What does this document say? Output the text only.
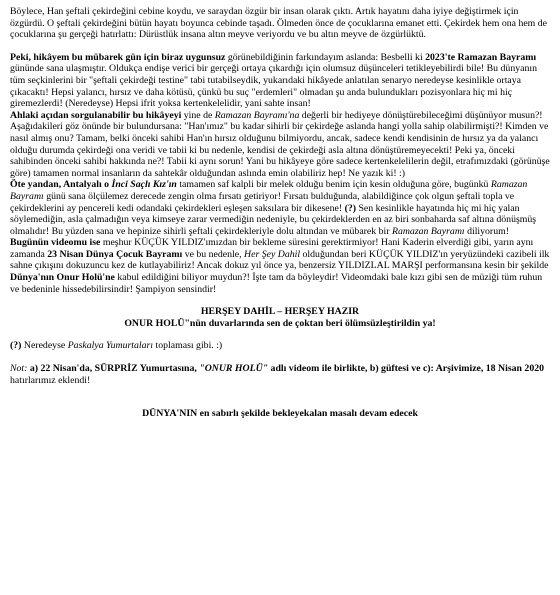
Böylece, Han şeftali çekirdeğini cebine koydu, ve saraydan özgür bir insan olarak çıktı. Artık hayatını daha iyiye değiştirmek için özgürdü. O şeftali çekirdeğini bütün hayatı boyunca cebinde taşadı. Ölmeden önce de çocuklarına emanet etti. Çekirdek hem ona hem de çocuklarına şu gerçeği hatırlattı: Dürüstlük insana altın meyve veriyordu ve bu altın meyve de özgürlüktü.

Peki, hikâyem bu mübarek gün için biraz uygunsuz görünebildiğinin farkındayım aslanda: Besbelli ki 2023'te Ramazan Bayramı gününde sana ulaşmıştır. Oldukça endişe verici bir gerçeği ortaya çıkardığı için olumsuz düşünceleri tetikleyebilirdi bile! Bu dünyanın tüm seçkinlerini bir "şeftali çekirdeği testine" tabi tutabilseydik, yukarıdaki hikâyede anlatılan senaryo neredeyse kesinlikle ortaya çıkacaktı! Hepsi yalancı, hırsız ve daha kötüsü, çünkü bu suç "erdemleri" olmadan şu anda bulundukları pozisyonlara hiç mi hiç giremezlerdi! (Neredeyse) Hepsi ifrit yoksa kertenkelelidir, yani sahte insan!

Ahlaki açıdan sorgulanabilir bu hikâyeyi yine de Ramazan Bayramı'na değerli bir hediyeye dönüştürebileceğimi düşünüyor musun?! Aşağıdakileri göz önünde bir bulundursana: "Han'ımız" bu kadar sihirli bir çekirdeğe aslanda hangi yolla sahip olabilirmişti?! Kimden ve nasıl almış onu? Tamam, belki önceki sahibi Han'ın hırsız olduğunu bilmiyordu, ancak, sadece kendi kendisinin de hırsız ya da yalancı olduğu durumda çekirdeği ona veridi ve tabii ki bu nedenle, kendisi de çekirdeği asla altına dönüştüremeyecekti! Peki ya, önceki sahibinden önceki sahibi hakkında ne?! Tabii ki aynı sorun! Yani bu hikâyeye göre sadece kertenkelelilerin değil, etrafımızdaki (görünüşe göre) tamamen normal insanların da sahtekâr olduğundan aslında emin olabiliriz hep! Ne yazık ki! :)

Öte yandan, Antalyalı o İnci Saçlı Kız'ın tamamen saf kalpli bir melek olduğu benim için kesin olduğuna göre, bugünkü Ramazan Bayramı günü sana ölçülemez derecede zengin olma fırsatı getiriyor! Fırsatı bulduğunda, alabildiğince çok olgun şeftali topla ve çekirdeklerini ay pencereli kedi odandaki çekirdekleri eşleşen saksılara bir dikesene! (?) Sen kesinlikle hayatında hiç mi hiç yalan söylemediğin, asla çalmadığın veya kimseye zarar vermediğin nedeniyle, bu çekirdeklerden en az biri sonbaharda saf altına dönüşmüş olmalıdır! Bu yüzden sana ve hepinize sihirli şeftali çekirdekleriyle dolu altından ve mübarek bir Ramazan Bayramı diliyorum!

Bugünün videomu ise meşhur KÜÇÜK YILDIZ'ımızdan bir bekleme süresini gerektirmiyor! Hani Kaderin elverdiği gibi, yarın aynı zamanda 23 Nisan Dünya Çocuk Bayramı ve bu nedenle, Her Şey Dahil olduğundan beri KÜÇÜK YILDIZ'ın yeryüzündeki cazibeli ilk sahne çıkışını dokuzuncu kez de kutlayabiliriz! Ancak dokuz yıl önce ya, benzersiz YILDIZLAL MARŞI performansına kesin bir şekilde Dünya'nın Onur Holü'ne kabul edildiğini biliyor muydun?! İşte tam da böyleydir! Videomdaki bale kızı gibi sen de müziği tüm ruhun ve bedeninle hissedebilirsindir! Şampiyon sensindir!

HERŞEY DAHİL – HERŞEY HAZIR

ONUR HOLÜ"nün duvarlarında sen de çoktan beri ölümsüzleştirildin ya!

(?) Neredeyse Paskalya Yumurtaları toplaması gibi. :)

Not: a) 22 Nisan'da, SÜRPRİZ Yumurtasına, "ONUR HOLÜ" adlı videom ile birlikte, b) güftesi ve c): Arşivimize, 18 Nisan 2020 hatırlarımız eklendi!

DÜNYA'NIN en sabırlı şekilde bekleyekalan masalı devam edecek
